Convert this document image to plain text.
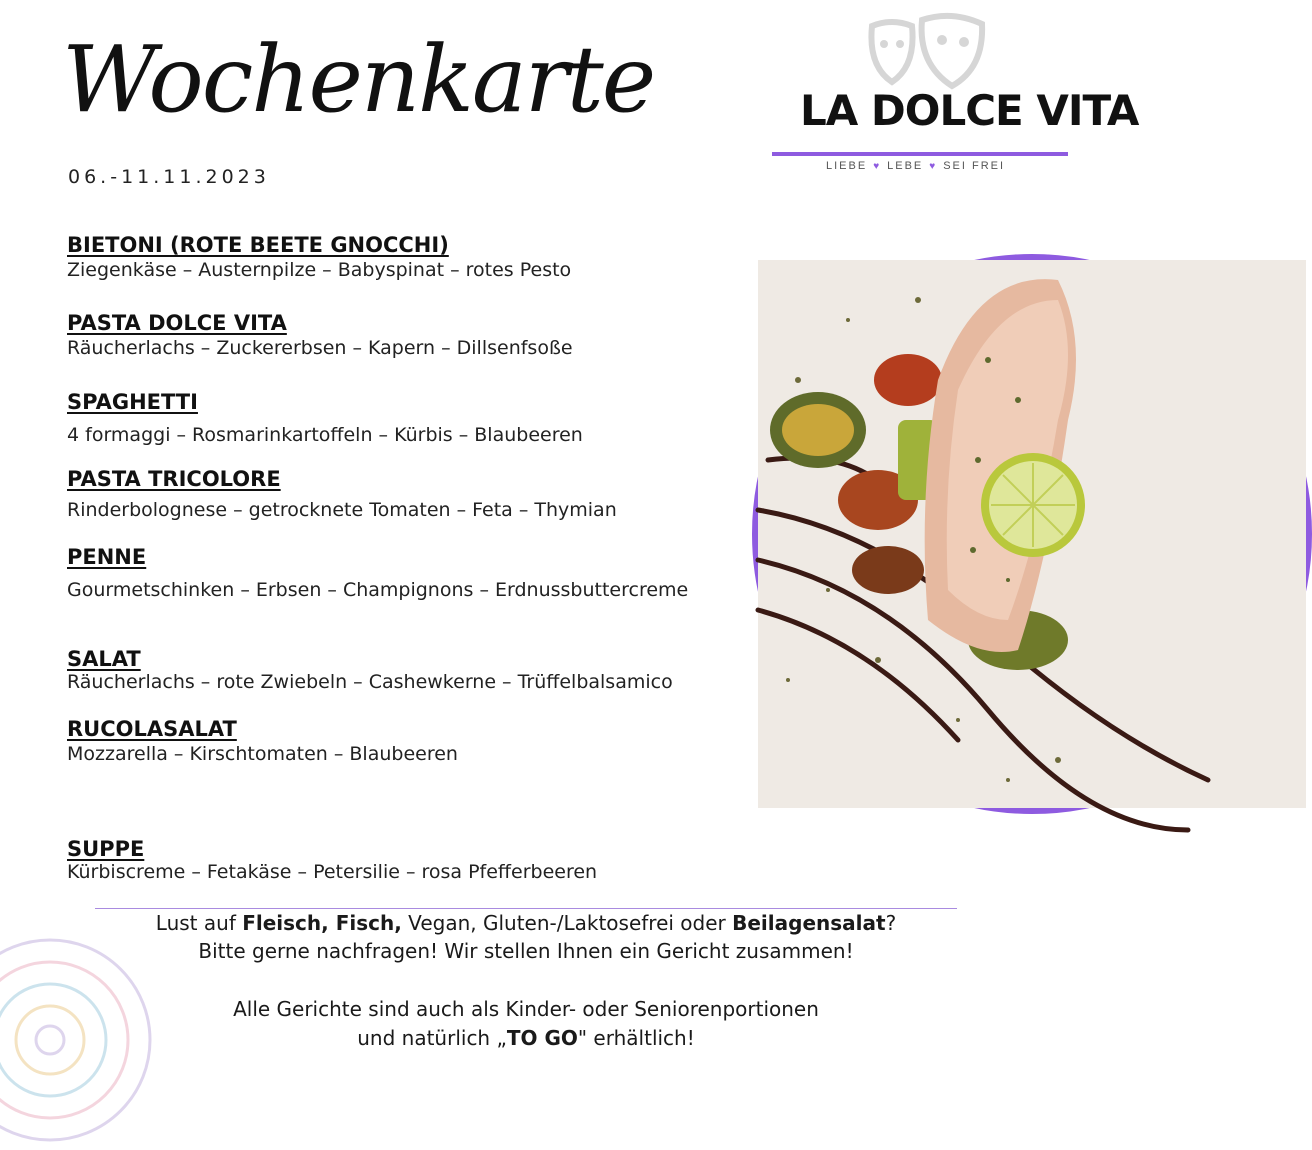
Wochenkarte
06.-11.11.2023
LA DOLCE VITA
LIEBE ♥ LEBE ♥ SEI FREI
BIETONI (ROTE BEETE GNOCCHI)
Ziegenkäse – Austernpilze – Babyspinat – rotes Pesto
PASTA DOLCE VITA
Räucherlachs – Zuckererbsen – Kapern – Dillsenfsoße
SPAGHETTI
4 formaggi – Rosmarinkartoffeln – Kürbis – Blaubeeren
PASTA TRICOLORE
Rinderbolognese – getrocknete Tomaten – Feta – Thymian
PENNE
Gourmetschinken – Erbsen – Champignons – Erdnussbuttercreme
SALAT
Räucherlachs – rote Zwiebeln – Cashewkerne – Trüffelbalsamico
RUCOLASALAT
Mozzarella – Kirschtomaten – Blaubeeren
SUPPE
Kürbiscreme – Fetakäse – Petersilie – rosa Pfefferbeeren
Lust auf Fleisch, Fisch, Vegan, Gluten-/Laktosefrei oder Beilagensalat?
Bitte gerne nachfragen! Wir stellen Ihnen ein Gericht zusammen!
Alle Gerichte sind auch als Kinder- oder Seniorenportionen
und natürlich „TO GO" erhältlich!
